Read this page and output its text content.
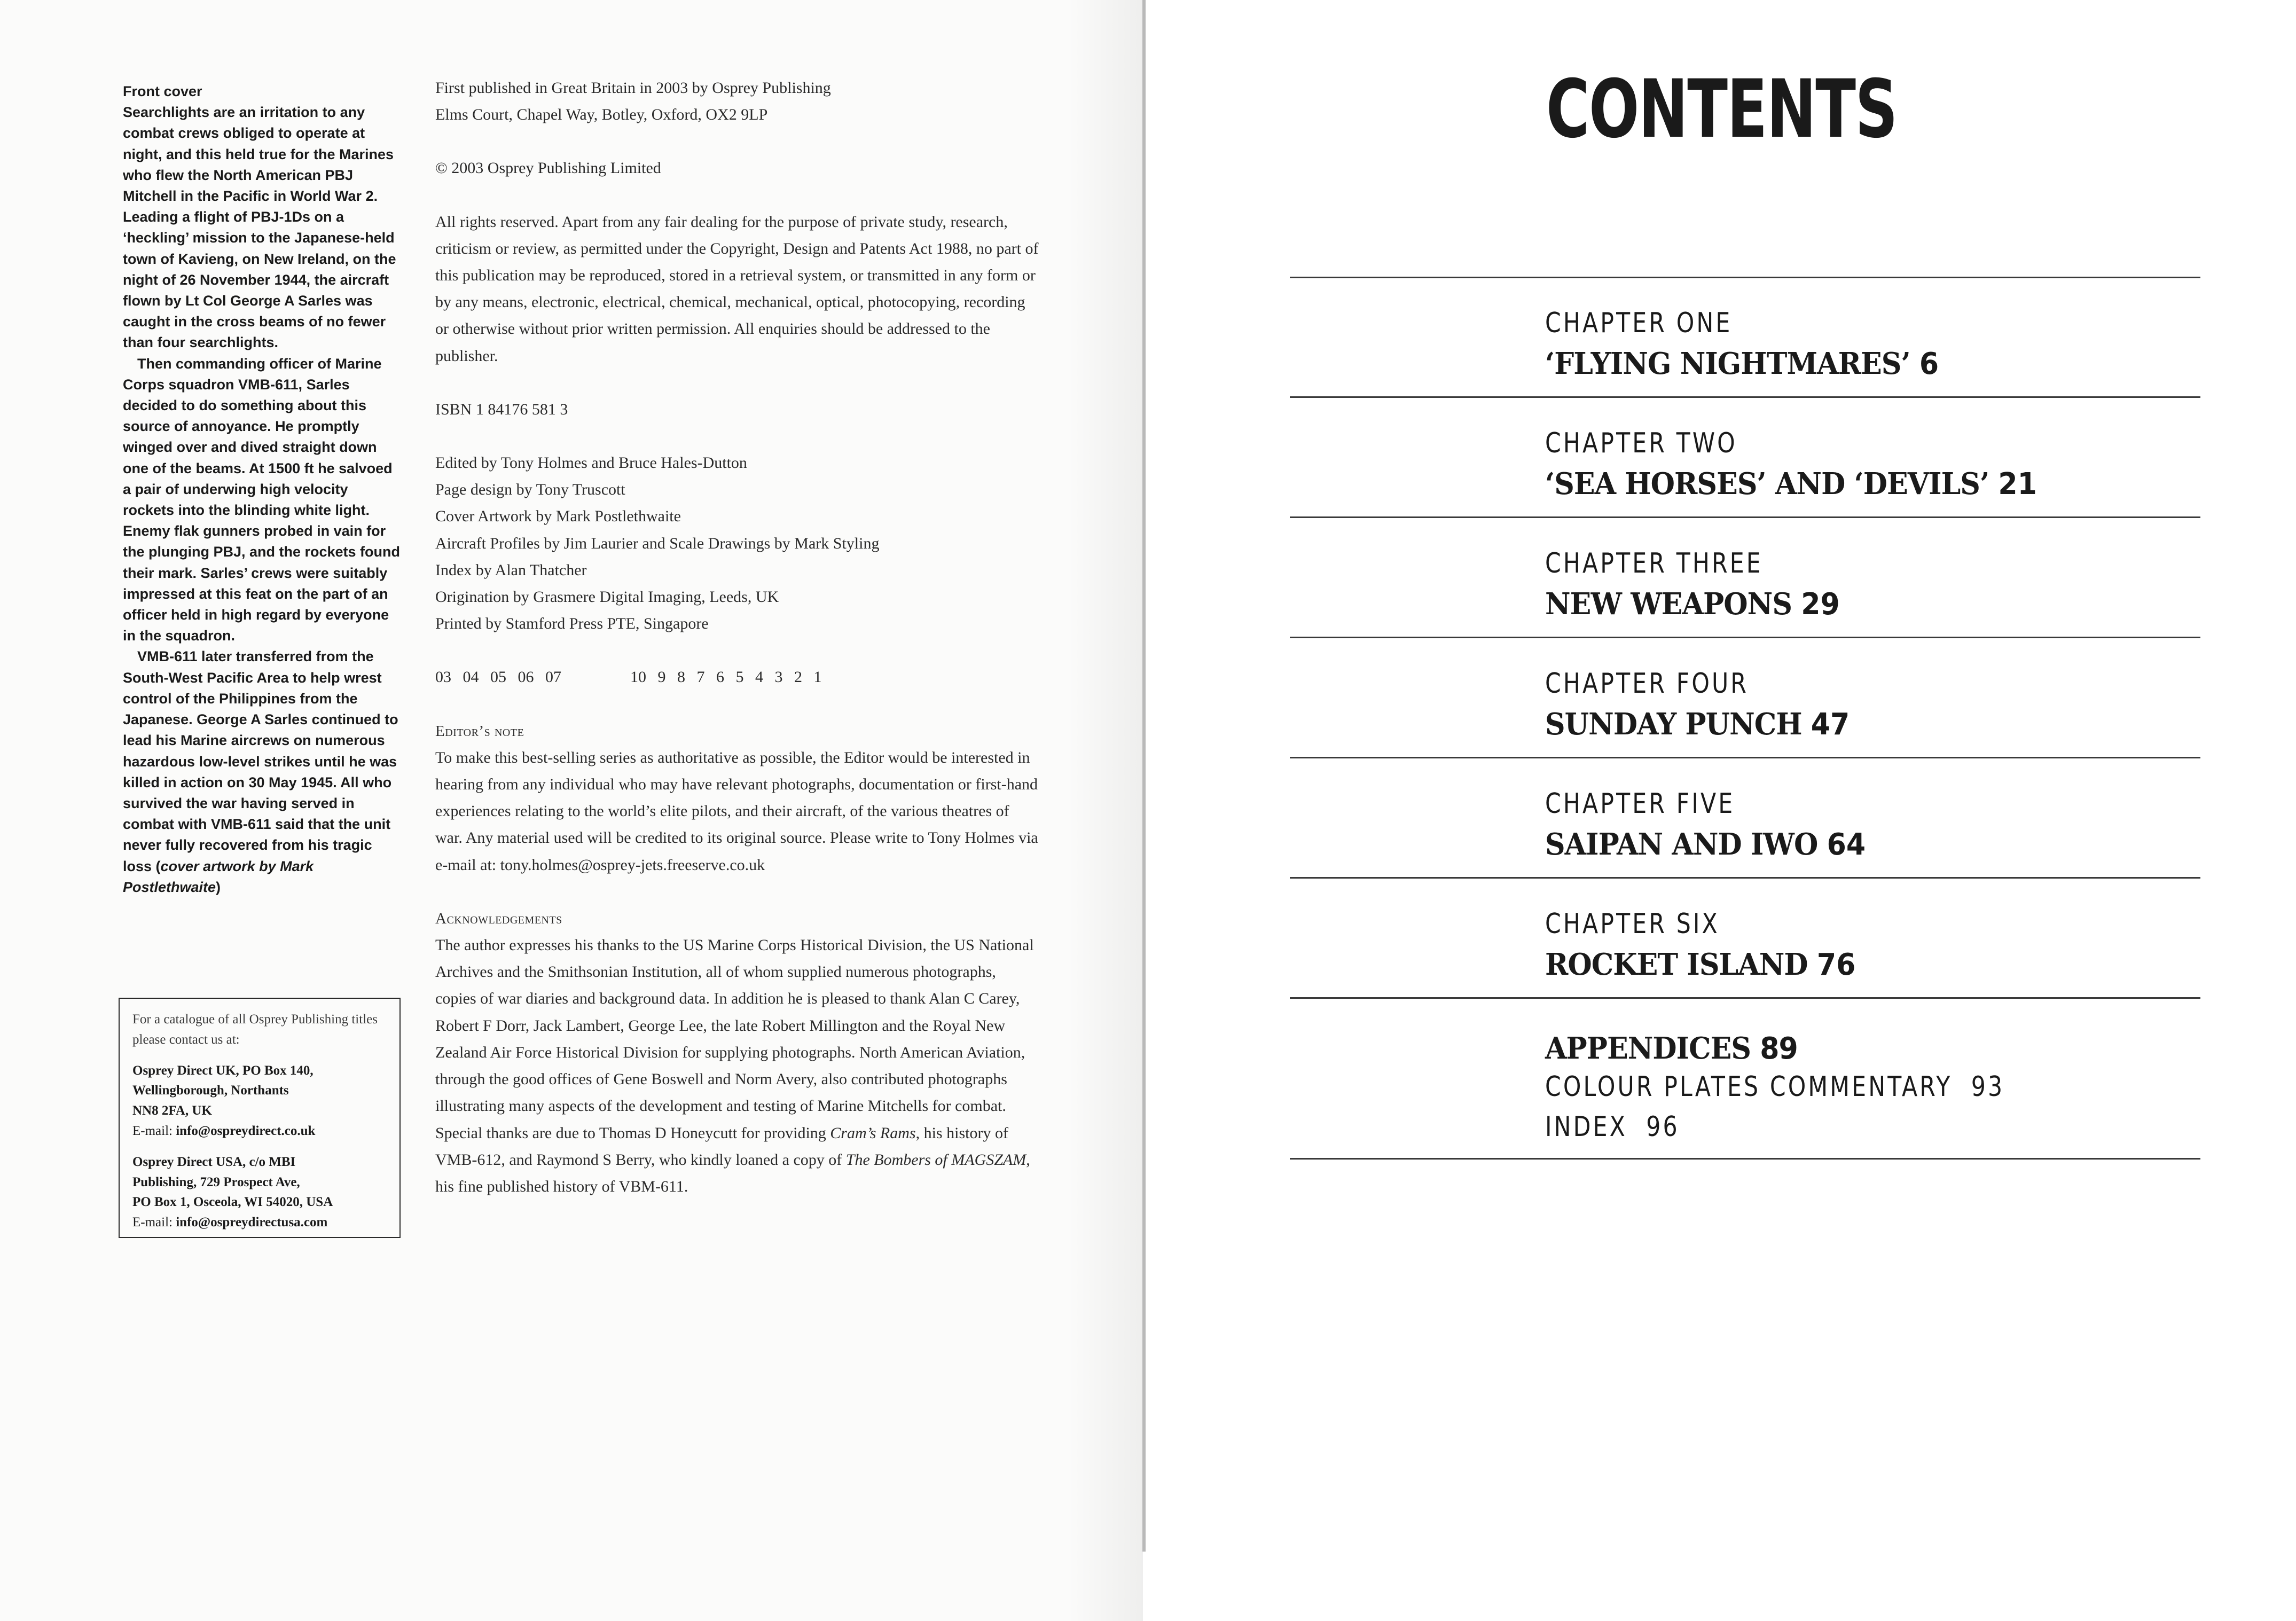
Front cover

Searchlights are an irritation to any combat crews obliged to operate at night, and this held true for the Marines who flew the North American PBJ Mitchell in the Pacific in World War 2. Leading a flight of PBJ-1Ds on a ‘heckling’ mission to the Japanese-held town of Kavieng, on New Ireland, on the night of 26 November 1944, the aircraft flown by Lt Col George A Sarles was caught in the cross beams of no fewer than four searchlights.

Then commanding officer of Marine Corps squadron VMB-611, Sarles decided to do something about this source of annoyance. He promptly winged over and dived straight down one of the beams. At 1500 ft he salvoed a pair of underwing high velocity rockets into the blinding white light. Enemy flak gunners probed in vain for the plunging PBJ, and the rockets found their mark. Sarles’ crews were suitably impressed at this feat on the part of an officer held in high regard by everyone in the squadron.

VMB-611 later transferred from the South-West Pacific Area to help wrest control of the Philippines from the Japanese. George A Sarles continued to lead his Marine aircrews on numerous hazardous low-level strikes until he was killed in action on 30 May 1945. All who survived the war having served in combat with VMB-611 said that the unit never fully recovered from his tragic loss (cover artwork by Mark Postlethwaite)

For a catalogue of all Osprey Publishing titles please contact us at:

Osprey Direct UK, PO Box 140,

Wellingborough, Northants

NN8 2FA, UK

E-mail: info@ospreydirect.co.uk

Osprey Direct USA, c/o MBI

Publishing, 729 Prospect Ave,

PO Box 1, Osceola, WI 54020, USA

E-mail: info@ospreydirectusa.com

First published in Great Britain in 2003 by Osprey Publishing

Elms Court, Chapel Way, Botley, Oxford, OX2 9LP

© 2003 Osprey Publishing Limited

All rights reserved. Apart from any fair dealing for the purpose of private study, research, criticism or review, as permitted under the Copyright, Design and Patents Act 1988, no part of this publication may be reproduced, stored in a retrieval system, or transmitted in any form or by any means, electronic, electrical, chemical, mechanical, optical, photocopying, recording or otherwise without prior written permission. All enquiries should be addressed to the publisher.

ISBN 1 84176 581 3

Edited by Tony Holmes and Bruce Hales-Dutton

Page design by Tony Truscott

Cover Artwork by Mark Postlethwaite

Aircraft Profiles by Jim Laurier and Scale Drawings by Mark Styling

Index by Alan Thatcher

Origination by Grasmere Digital Imaging, Leeds, UK

Printed by Stamford Press PTE, Singapore

03 04 05 06 07	10 9 8 7 6 5 4 3 2 1

Editor’s note

To make this best-selling series as authoritative as possible, the Editor would be interested in hearing from any individual who may have relevant photographs, documentation or first-hand experiences relating to the world’s elite pilots, and their aircraft, of the various theatres of war. Any material used will be credited to its original source. Please write to Tony Holmes via e-mail at: tony.holmes@osprey-jets.freeserve.co.uk

Acknowledgements

The author expresses his thanks to the US Marine Corps Historical Division, the US National Archives and the Smithsonian Institution, all of whom supplied numerous photographs, copies of war diaries and background data. In addition he is pleased to thank Alan C Carey, Robert F Dorr, Jack Lambert, George Lee, the late Robert Millington and the Royal New Zealand Air Force Historical Division for supplying photographs. North American Aviation, through the good offices of Gene Boswell and Norm Avery, also contributed photographs illustrating many aspects of the development and testing of Marine Mitchells for combat. Special thanks are due to Thomas D Honeycutt for providing Cram’s Rams, his history of VMB-612, and Raymond S Berry, who kindly loaned a copy of The Bombers of MAGSZAM, his fine published history of VBM-611.

CONTENTS

CHAPTER ONE

‘FLYING NIGHTMARES’ 6

CHAPTER TWO

‘SEA HORSES’ AND ‘DEVILS’ 21

CHAPTER THREE

NEW WEAPONS 29

CHAPTER FOUR

SUNDAY PUNCH 47

CHAPTER FIVE

SAIPAN AND IWO 64

CHAPTER SIX

ROCKET ISLAND 76

APPENDICES 89

COLOUR PLATES COMMENTARY 93

INDEX 96
